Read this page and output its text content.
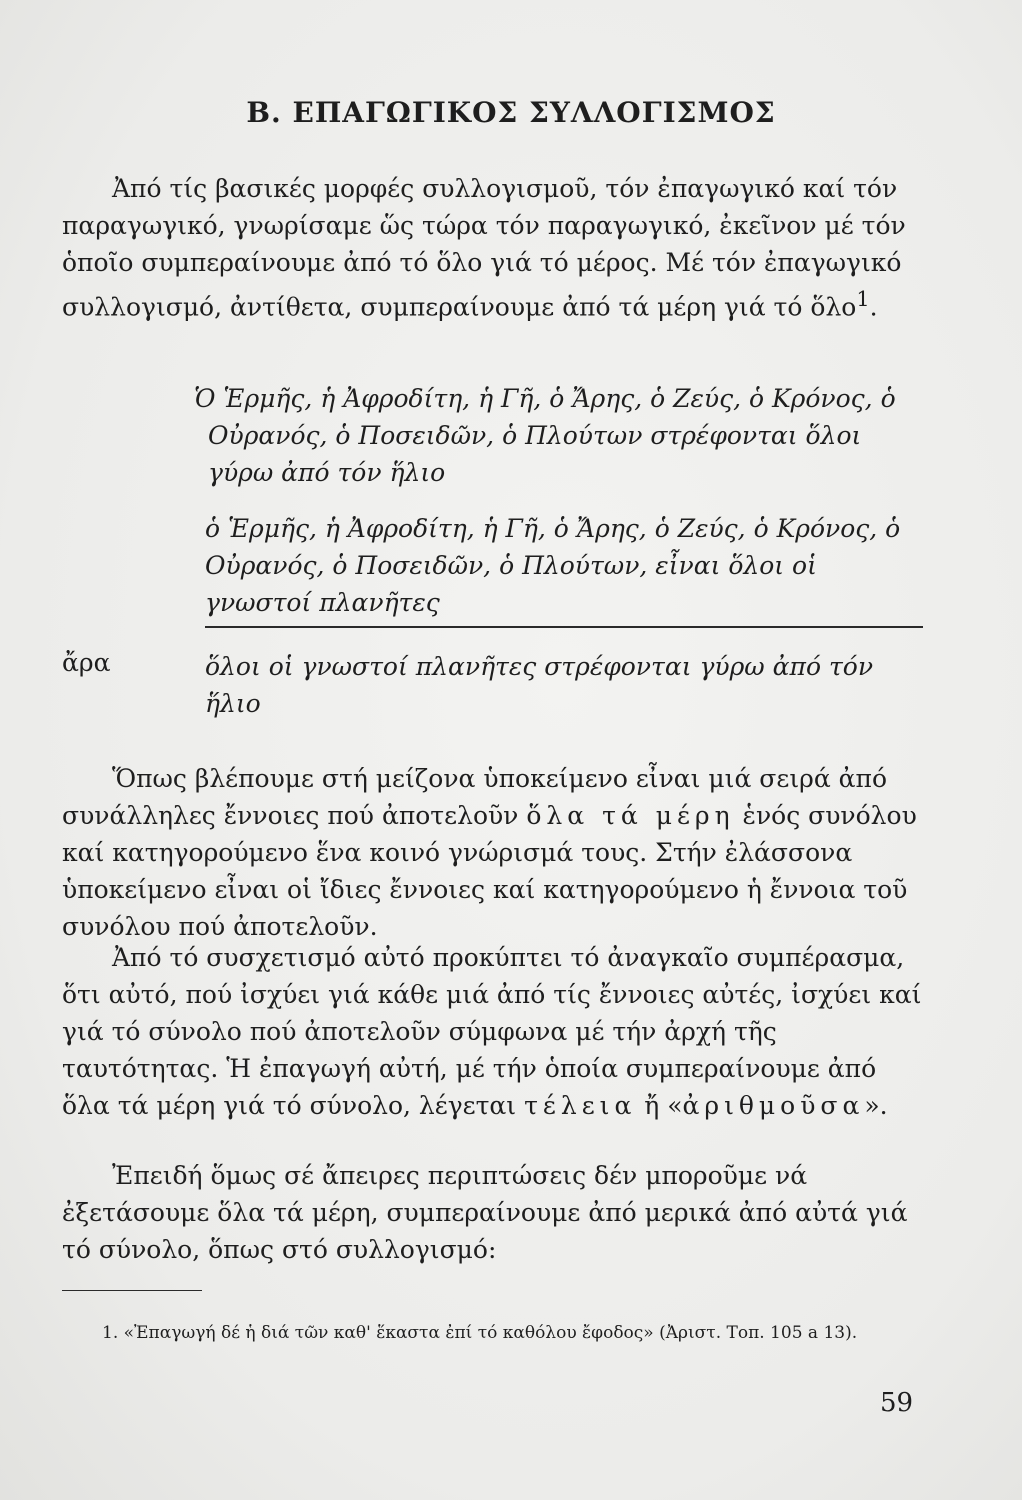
B. ΕΠΑΓΩΓΙΚΟΣ ΣΥΛΛΟΓΙΣΜΟΣ
Ἀπό τίς βασικές μορφές συλλογισμοῦ, τόν ἐπαγωγικό καί τόν παραγωγικό, γνωρίσαμε ὥς τώρα τόν παραγωγικό, ἐκεῖνον μέ τόν ὁποῖο συμπεραίνουμε ἀπό τό ὅλο γιά τό μέρος. Μέ τόν ἐπαγωγικό συλλογισμό, ἀντίθετα, συμπεραίνουμε ἀπό τά μέρη γιά τό ὅλο$^1$.
Ὁ Ἑρμῆς, ἡ Ἀφροδίτη, ἡ Γῆ, ὁ Ἄρης, ὁ Ζεύς, ὁ Κρόνος, ὁ Οὐρανός, ὁ Ποσειδῶν, ὁ Πλούτων στρέφονται ὅλοι γύρω ἀπό τόν ἥλιο
ὁ Ἑρμῆς, ἡ Ἀφροδίτη, ἡ Γῆ, ὁ Ἄρης, ὁ Ζεύς, ὁ Κρόνος, ὁ Οὐρανός, ὁ Ποσειδῶν, ὁ Πλούτων, εἶναι ὅλοι οἱ γνωστοί πλανῆτες
ἄρα	ὅλοι οἱ γνωστοί πλανῆτες στρέφονται γύρω ἀπό τόν ἥλιο
Ὅπως βλέπουμε στή μείζονα ὑποκείμενο εἶναι μιά σειρά ἀπό συνάλληλες ἔννοιες πού ἀποτελοῦν ὅλα τά μέρη ἑνός συνόλου καί κατηγορούμενο ἕνα κοινό γνώρισμά τους. Στήν ἐλάσσονα ὑποκείμενο εἶναι οἱ ἴδιες ἔννοιες καί κατηγορούμενο ἡ ἔννοια τοῦ συνόλου πού ἀποτελοῦν.
Ἀπό τό συσχετισμό αὐτό προκύπτει τό ἀναγκαῖο συμπέρασμα, ὅτι αὐτό, πού ἰσχύει γιά κάθε μιά ἀπό τίς ἔννοιες αὐτές, ἰσχύει καί γιά τό σύνολο πού ἀποτελοῦν σύμφωνα μέ τήν ἀρχή τῆς ταυτότητας. Ἡ ἐπαγωγή αὐτή, μέ τήν ὁποία συμπεραίνουμε ἀπό ὅλα τά μέρη γιά τό σύνολο, λέγεται τέλεια ἤ «ἀριθμοῦσα».
Ἐπειδή ὅμως σέ ἄπειρες περιπτώσεις δέν μποροῦμε νά ἐξετάσουμε ὅλα τά μέρη, συμπεραίνουμε ἀπό μερικά ἀπό αὐτά γιά τό σύνολο, ὅπως στό συλλογισμό:
1. «Ἐπαγωγή δέ ἡ διά τῶν καθ' ἕκαστα ἐπί τό καθόλου ἔφοδος» (Ἀριστ. Τοπ. 105 a 13).
59
